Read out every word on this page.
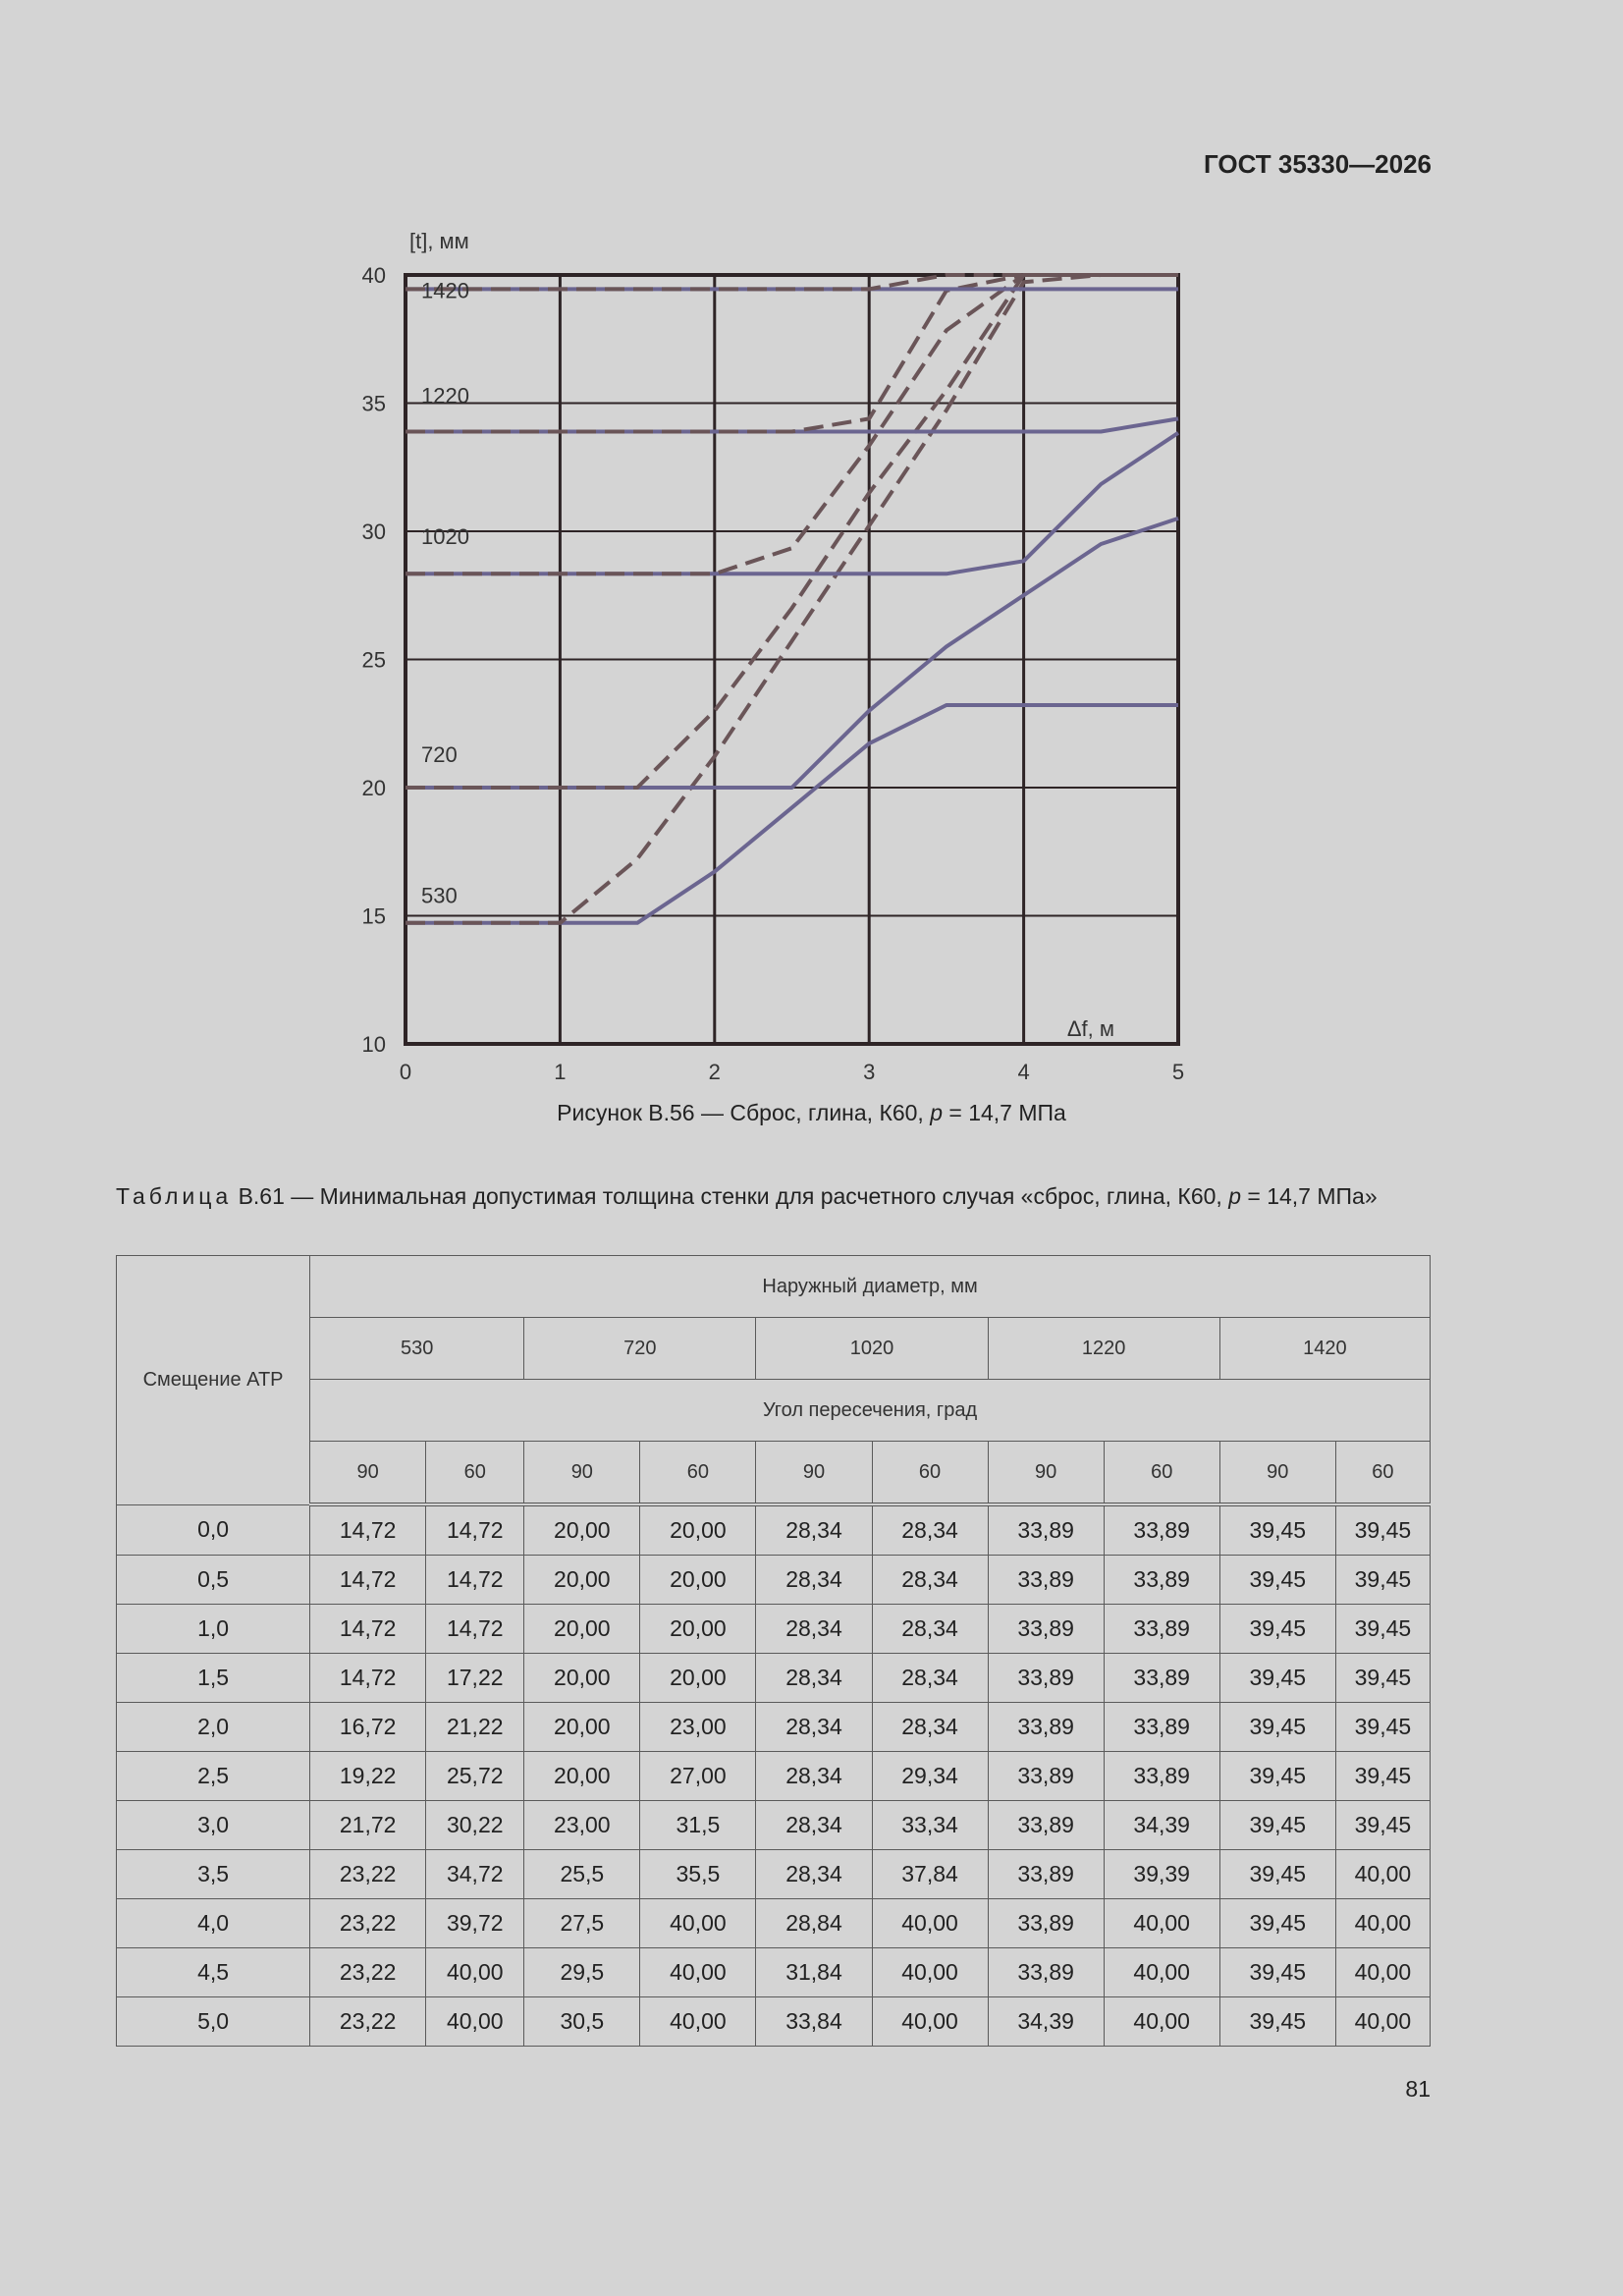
ГОСТ 35330—2026
0	1	2	3	4	5
10
15
20
25
30
35
40
530
720
1020
1220
1420
[t], мм
Δf, м
Рисунок В.56 — Сброс, глина, К60, p = 14,7 МПа
Таблица В.61 — Минимальная допустимая толщина стенки для расчетного случая «сброс, глина, К60, p = 14,7 МПа»
Смещение АТР	Наружный диаметр, мм									
	530		720		1020		1220		1420	
	Угол пересечения, град									
	90	60	90	60	90	60	90	60	90	60
0,0	14,72	14,72	20,00	20,00	28,34	28,34	33,89	33,89	39,45	39,45
0,5	14,72	14,72	20,00	20,00	28,34	28,34	33,89	33,89	39,45	39,45
1,0	14,72	14,72	20,00	20,00	28,34	28,34	33,89	33,89	39,45	39,45
1,5	14,72	17,22	20,00	20,00	28,34	28,34	33,89	33,89	39,45	39,45
2,0	16,72	21,22	20,00	23,00	28,34	28,34	33,89	33,89	39,45	39,45
2,5	19,22	25,72	20,00	27,00	28,34	29,34	33,89	33,89	39,45	39,45
3,0	21,72	30,22	23,00	31,5	28,34	33,34	33,89	34,39	39,45	39,45
3,5	23,22	34,72	25,5	35,5	28,34	37,84	33,89	39,39	39,45	40,00
4,0	23,22	39,72	27,5	40,00	28,84	40,00	33,89	40,00	39,45	40,00
4,5	23,22	40,00	29,5	40,00	31,84	40,00	33,89	40,00	39,45	40,00
5,0	23,22	40,00	30,5	40,00	33,84	40,00	34,39	40,00	39,45	40,00
81
